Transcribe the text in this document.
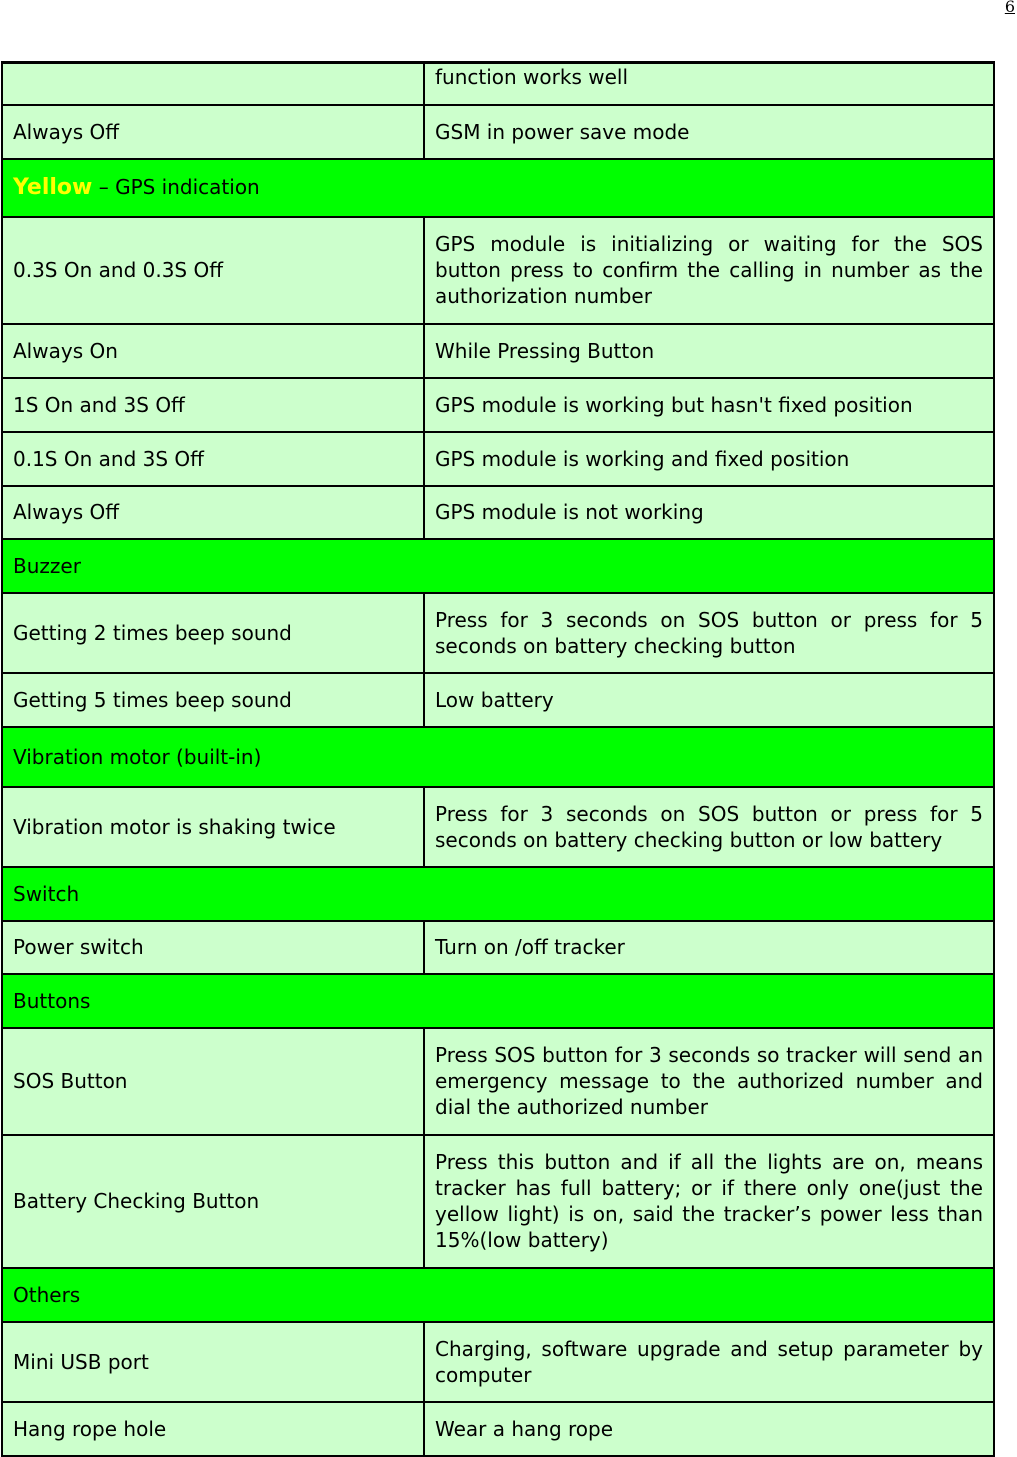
6
	function works well
Always Off	GSM in power save mode
Yellow – GPS indication	
0.3S On and 0.3S Off	GPS module is initializing or waiting for the SOS button press to confirm the calling in number as the authorization number
Always On	While Pressing Button
1S On and 3S Off	GPS module is working but hasn't fixed position
0.1S On and 3S Off	GPS module is working and fixed position
Always Off	GPS module is not working
Buzzer	
Getting 2 times beep sound	Press for 3 seconds on SOS button or press for 5 seconds on battery checking button
Getting 5 times beep sound	Low battery
Vibration motor (built-in)	
Vibration motor is shaking twice	Press for 3 seconds on SOS button or press for 5 seconds on battery checking button or low battery
Switch	
Power switch	Turn on /off tracker
Buttons	
SOS Button	Press SOS button for 3 seconds so tracker will send an emergency message to the authorized number and dial the authorized number
Battery Checking Button	Press this button and if all the lights are on, means tracker has full battery; or if there only one(just the yellow light) is on, said the tracker’s power less than 15%(low battery)
Others	
Mini USB port	Charging, software upgrade and setup parameter by computer
Hang rope hole	Wear a hang rope
